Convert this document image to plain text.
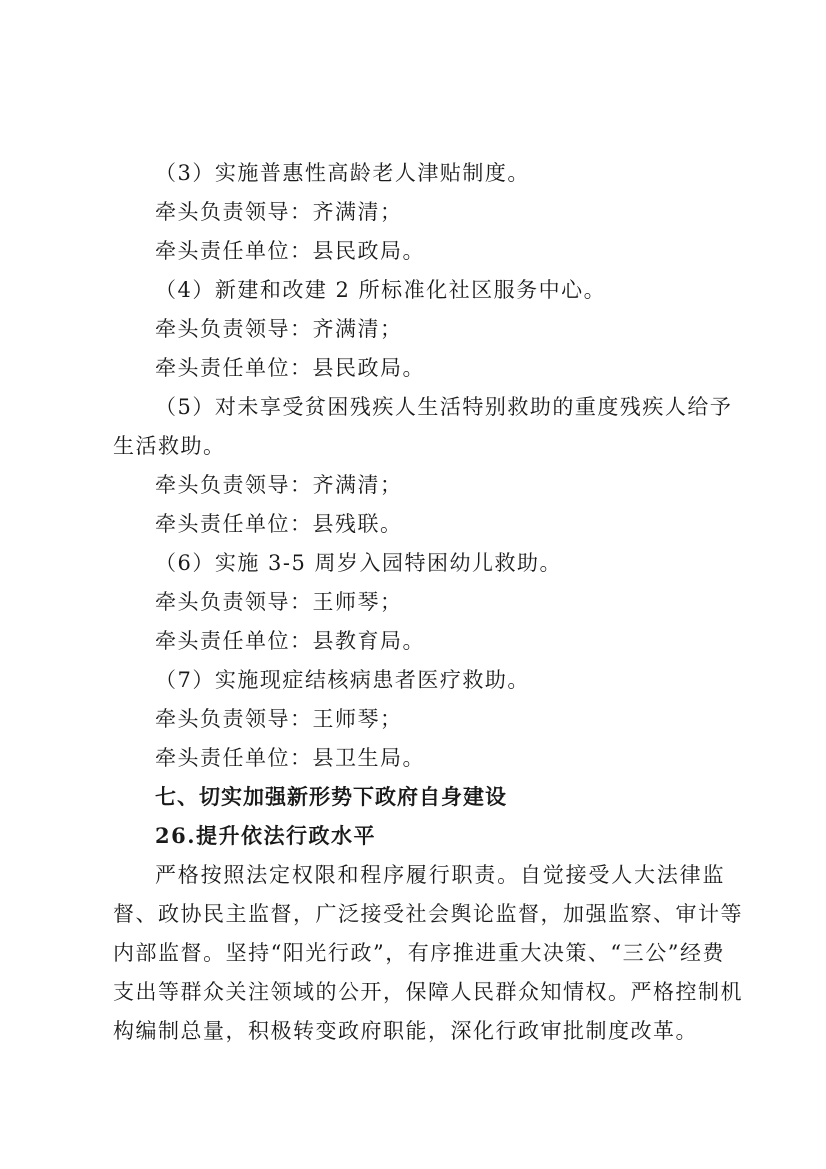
（3）实施普惠性高龄老人津贴制度。
牵头负责领导：齐满清；
牵头责任单位：县民政局。
（4）新建和改建 2 所标准化社区服务中心。
牵头负责领导：齐满清；
牵头责任单位：县民政局。
（5）对未享受贫困残疾人生活特别救助的重度残疾人给予
生活救助。
牵头负责领导：齐满清；
牵头责任单位：县残联。
（6）实施 3-5 周岁入园特困幼儿救助。
牵头负责领导：王师琴；
牵头责任单位：县教育局。
（7）实施现症结核病患者医疗救助。
牵头负责领导：王师琴；
牵头责任单位：县卫生局。
七、切实加强新形势下政府自身建设
26.提升依法行政水平
严格按照法定权限和程序履行职责。自觉接受人大法律监
督、政协民主监督，广泛接受社会舆论监督，加强监察、审计等
内部监督。坚持“阳光行政”，有序推进重大决策、“三公”经费
支出等群众关注领域的公开，保障人民群众知情权。严格控制机
构编制总量，积极转变政府职能，深化行政审批制度改革。
